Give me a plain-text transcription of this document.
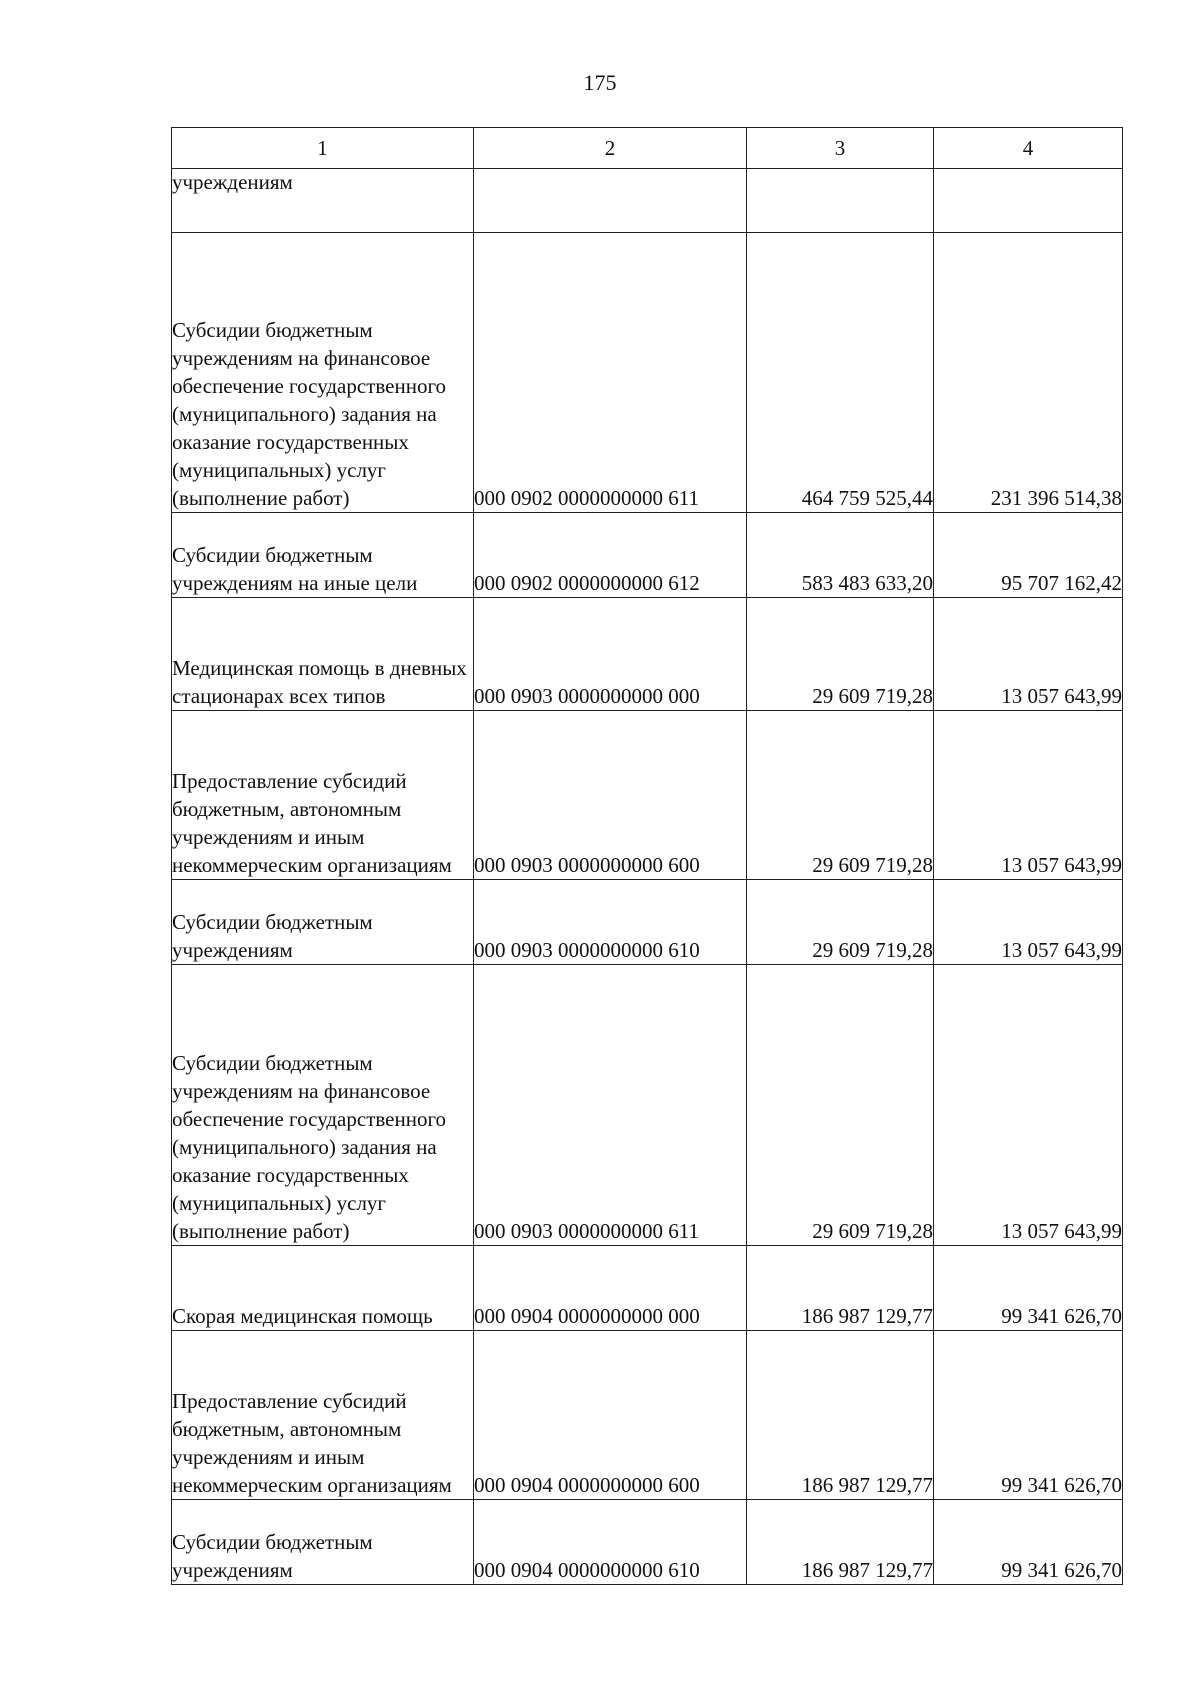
175
1	2	3	4
учреждениям			
Субсидии бюджетным учреждениям на финансовое обеспечение государственного (муниципального) задания на оказание государственных (муниципальных) услуг (выполнение работ)	000 0902 0000000000 611	464 759 525,44	231 396 514,38
Субсидии бюджетным учреждениям на иные цели	000 0902 0000000000 612	583 483 633,20	95 707 162,42
Медицинская помощь в дневных стационарах всех типов	000 0903 0000000000 000	29 609 719,28	13 057 643,99
Предоставление субсидий бюджетным, автономным учреждениям и иным некоммерческим организациям	000 0903 0000000000 600	29 609 719,28	13 057 643,99
Субсидии бюджетным учреждениям	000 0903 0000000000 610	29 609 719,28	13 057 643,99
Субсидии бюджетным учреждениям на финансовое обеспечение государственного (муниципального) задания на оказание государственных (муниципальных) услуг (выполнение работ)	000 0903 0000000000 611	29 609 719,28	13 057 643,99
Скорая медицинская помощь	000 0904 0000000000 000	186 987 129,77	99 341 626,70
Предоставление субсидий бюджетным, автономным учреждениям и иным некоммерческим организациям	000 0904 0000000000 600	186 987 129,77	99 341 626,70
Субсидии бюджетным учреждениям	000 0904 0000000000 610	186 987 129,77	99 341 626,70
